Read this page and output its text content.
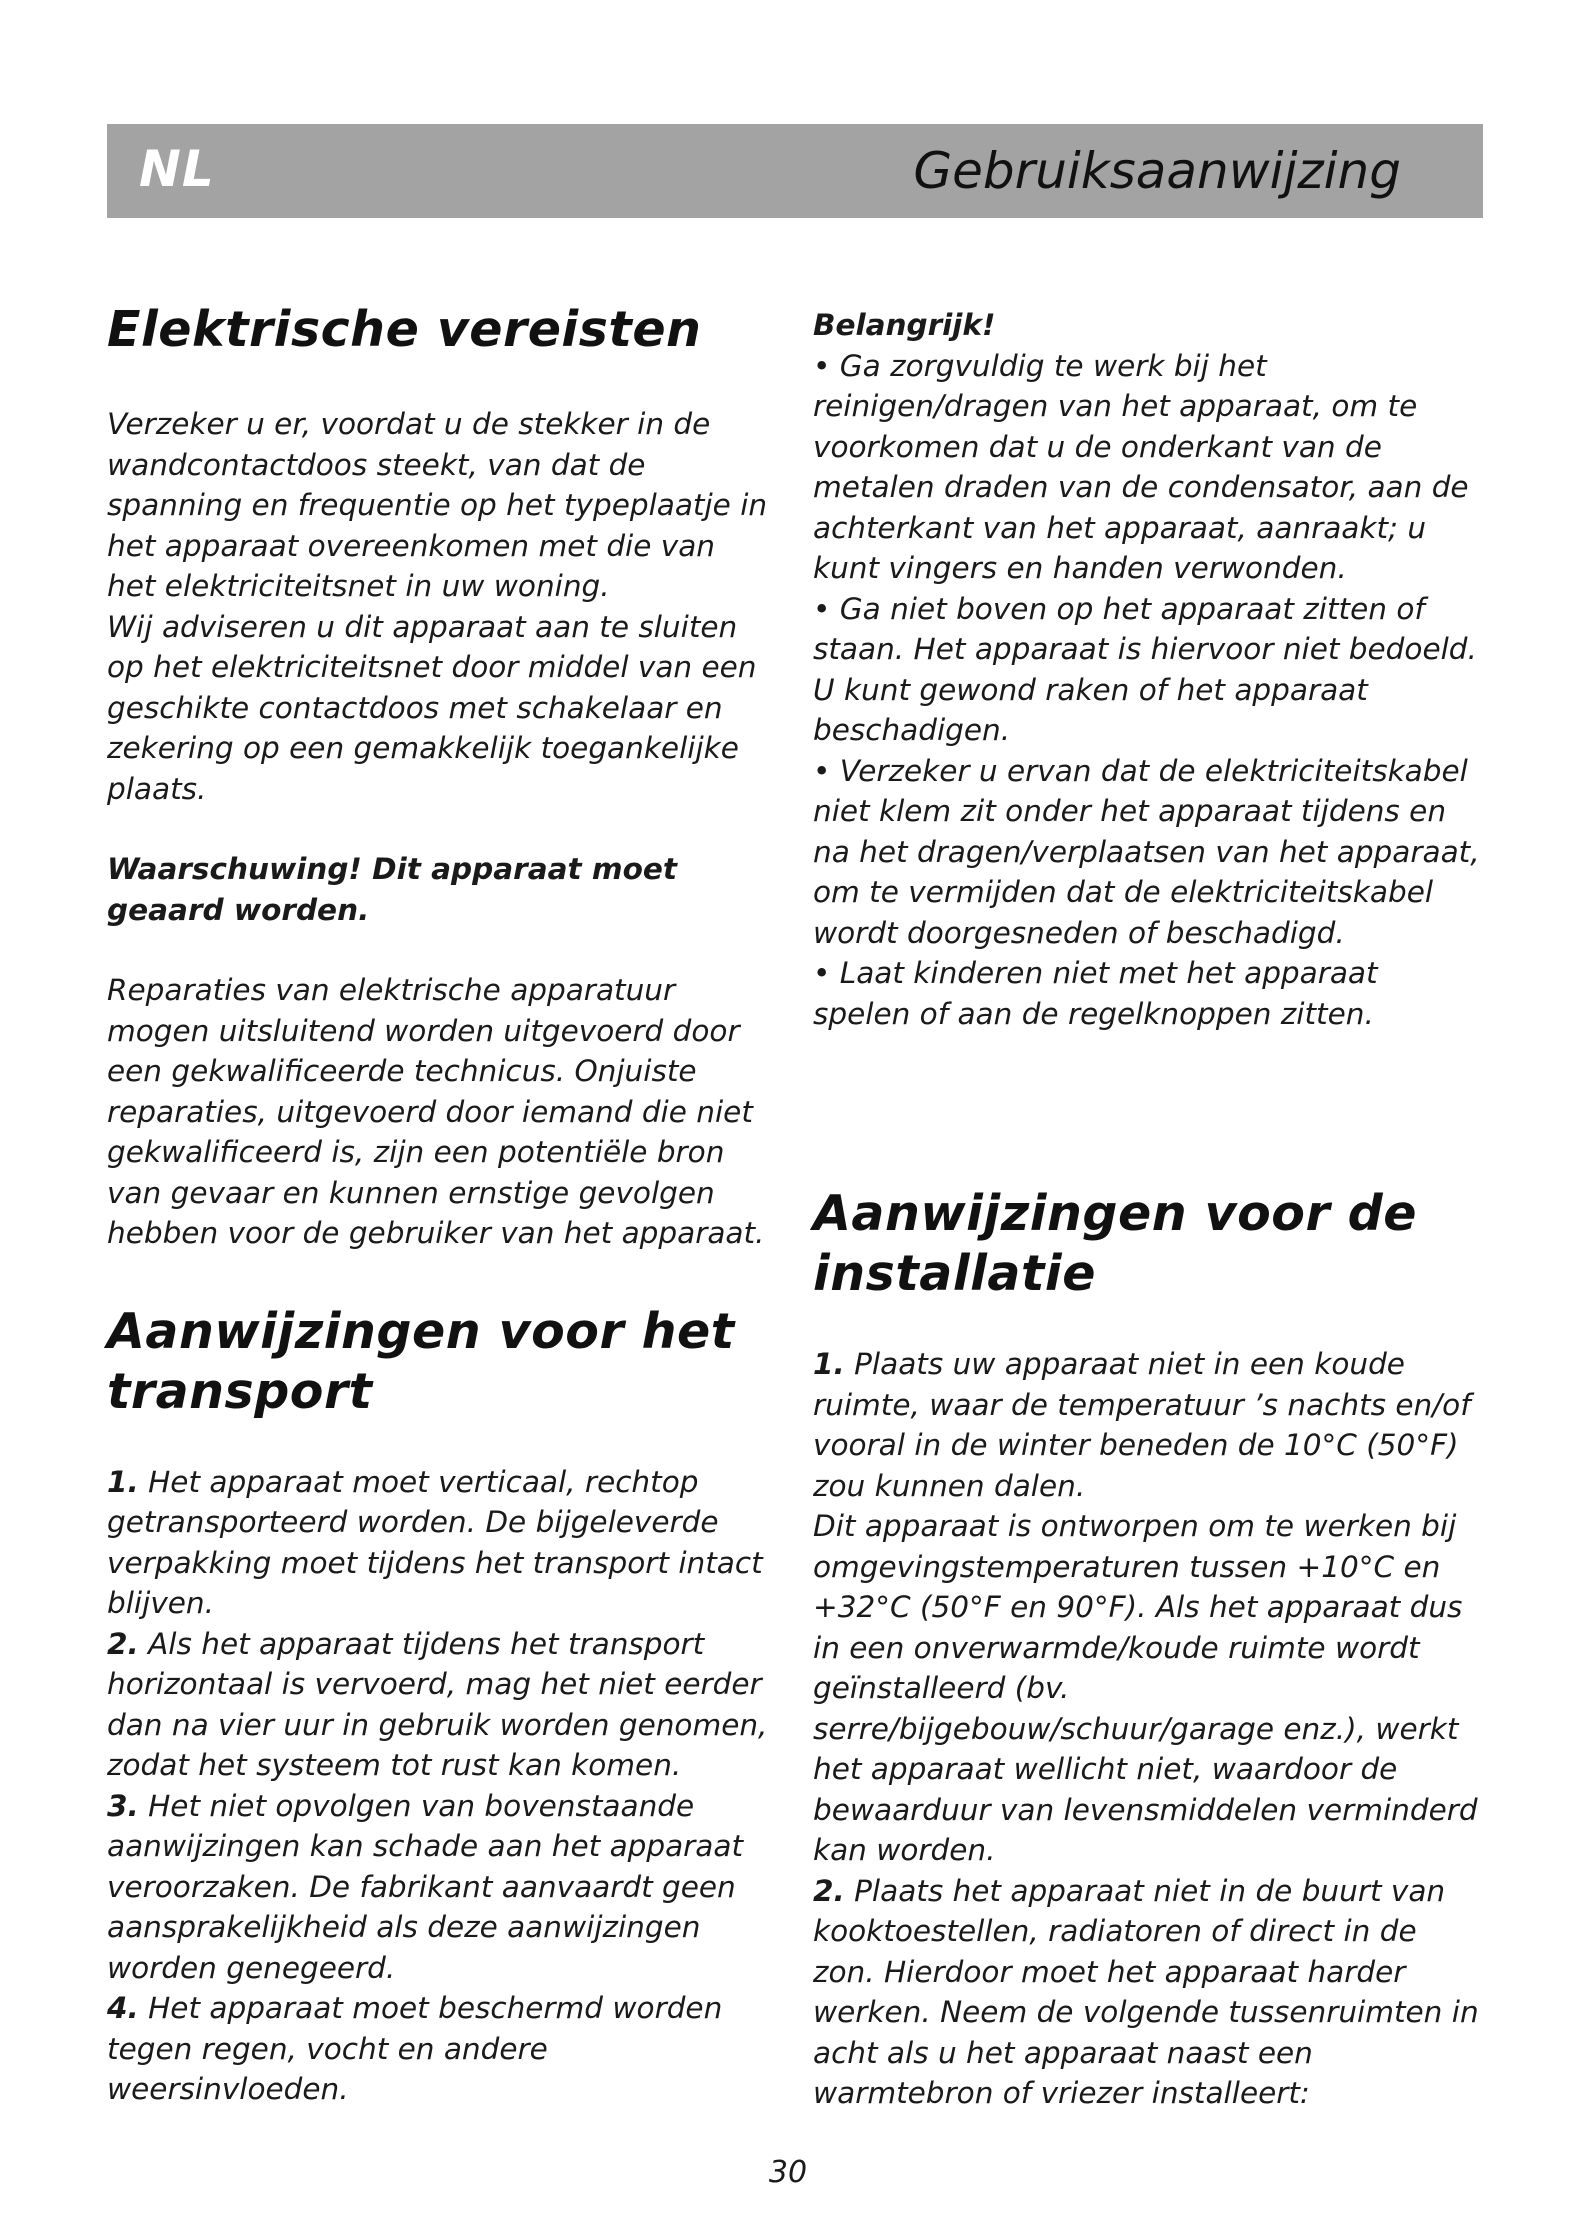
NL	Gebruiksaanwijzing
Elektrische vereisten

Verzeker u er, voordat u de stekker in de wandcontactdoos steekt, van dat de spanning en frequentie op het typeplaatje in het apparaat overeenkomen met die van het elektriciteitsnet in uw woning.

Wij adviseren u dit apparaat aan te sluiten op het elektriciteitsnet door middel van een geschikte contactdoos met schakelaar en zekering op een gemakkelijk toegankelijke plaats.

Waarschuwing! Dit apparaat moet geaard worden.

Reparaties van elektrische apparatuur mogen uitsluitend worden uitgevoerd door een gekwalificeerde technicus. Onjuiste reparaties, uitgevoerd door iemand die niet gekwalificeerd is, zijn een potentiële bron van gevaar en kunnen ernstige gevolgen hebben voor de gebruiker van het apparaat.

Aanwijzingen voor het transport

1. Het apparaat moet verticaal, rechtop getransporteerd worden. De bijgeleverde verpakking moet tijdens het transport intact blijven.

2. Als het apparaat tijdens het transport horizontaal is vervoerd, mag het niet eerder dan na vier uur in gebruik worden genomen, zodat het systeem tot rust kan komen.

3. Het niet opvolgen van bovenstaande aanwijzingen kan schade aan het apparaat veroorzaken. De fabrikant aanvaardt geen aansprakelijkheid als deze aanwijzingen worden genegeerd.

4. Het apparaat moet beschermd worden tegen regen, vocht en andere weersinvloeden.

Belangrijk!

• Ga zorgvuldig te werk bij het reinigen/dragen van het apparaat, om te voorkomen dat u de onderkant van de metalen draden van de condensator, aan de achterkant van het apparaat, aanraakt; u kunt vingers en handen verwonden.

• Ga niet boven op het apparaat zitten of staan. Het apparaat is hiervoor niet bedoeld. U kunt gewond raken of het apparaat beschadigen.

• Verzeker u ervan dat de elektriciteitskabel niet klem zit onder het apparaat tijdens en na het dragen/verplaatsen van het apparaat, om te vermijden dat de elektriciteitskabel wordt doorgesneden of beschadigd.

• Laat kinderen niet met het apparaat spelen of aan de regelknoppen zitten.

Aanwijzingen voor de installatie

1. Plaats uw apparaat niet in een koude ruimte, waar de temperatuur ’s nachts en/of vooral in de winter beneden de 10°C (50°F) zou kunnen dalen.

Dit apparaat is ontworpen om te werken bij omgevingstemperaturen tussen +10°C en +32°C (50°F en 90°F). Als het apparaat dus in een onverwarmde/koude ruimte wordt geïnstalleerd (bv. serre/bijgebouw/schuur/garage enz.), werkt het apparaat wellicht niet, waardoor de bewaarduur van levensmiddelen verminderd kan worden.

2. Plaats het apparaat niet in de buurt van kooktoestellen, radiatoren of direct in de zon. Hierdoor moet het apparaat harder werken. Neem de volgende tussenruimten in acht als u het apparaat naast een warmtebron of vriezer installeert:

30
